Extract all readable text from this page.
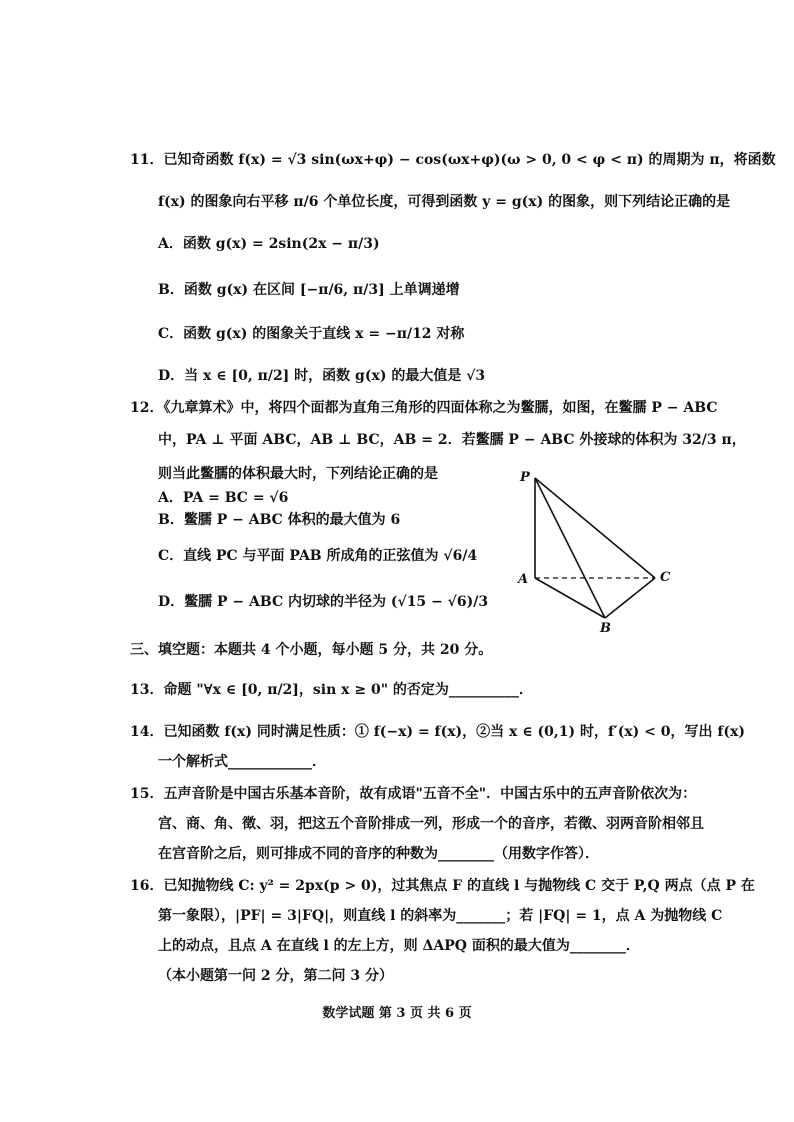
11．已知奇函数 f(x) = √3 sin(ωx+φ) − cos(ωx+φ)(ω > 0, 0 < φ < π) 的周期为 π，将函数
f(x) 的图象向右平移 π/6 个单位长度，可得到函数 y = g(x) 的图象，则下列结论正确的是
A．函数 g(x) = 2sin(2x − π/3)
B．函数 g(x) 在区间 [−π/6, π/3] 上单调递增
C．函数 g(x) 的图象关于直线 x = −π/12 对称
D．当 x ∈ [0, π/2] 时，函数 g(x) 的最大值是 √3
12．《九章算术》中，将四个面都为直角三角形的四面体称之为鳖臑，如图，在鳖臑 P − ABC
中，PA ⊥ 平面 ABC，AB ⊥ BC，AB = 2．若鳖臑 P − ABC 外接球的体积为 32/3 π，
则当此鳖臑的体积最大时，下列结论正确的是
A．PA = BC = √6
B．鳖臑 P − ABC 体积的最大值为 6
C．直线 PC 与平面 PAB 所成角的正弦值为 √6/4
D．鳖臑 P − ABC 内切球的半径为 (√15 − √6)/3
三、填空题：本题共 4 个小题，每小题 5 分，共 20 分。
13．命题 "∀x ∈ [0, π/2]，sin x ≥ 0" 的否定为__________．
14．已知函数 f(x) 同时满足性质：① f(−x) = f(x)，②当 x ∈ (0,1) 时，f′(x) < 0，写出 f(x)
一个解析式____________．
15．五声音阶是中国古乐基本音阶，故有成语"五音不全"．中国古乐中的五声音阶依次为：
宫、商、角、徵、羽，把这五个音阶排成一列，形成一个的音序，若徵、羽两音阶相邻且
在宫音阶之后，则可排成不同的音序的种数为________（用数字作答）．
16．已知抛物线 C: y² = 2px(p > 0)，过其焦点 F 的直线 l 与抛物线 C 交于 P,Q 两点（点 P 在
第一象限），|PF| = 3|FQ|，则直线 l 的斜率为_______；若 |FQ| = 1，点 A 为抛物线 C
上的动点，且点 A 在直线 l 的左上方，则 ΔAPQ 面积的最大值为________．
（本小题第一问 2 分，第二问 3 分）
P
A
B
C
数学试题 第 3 页 共 6 页
